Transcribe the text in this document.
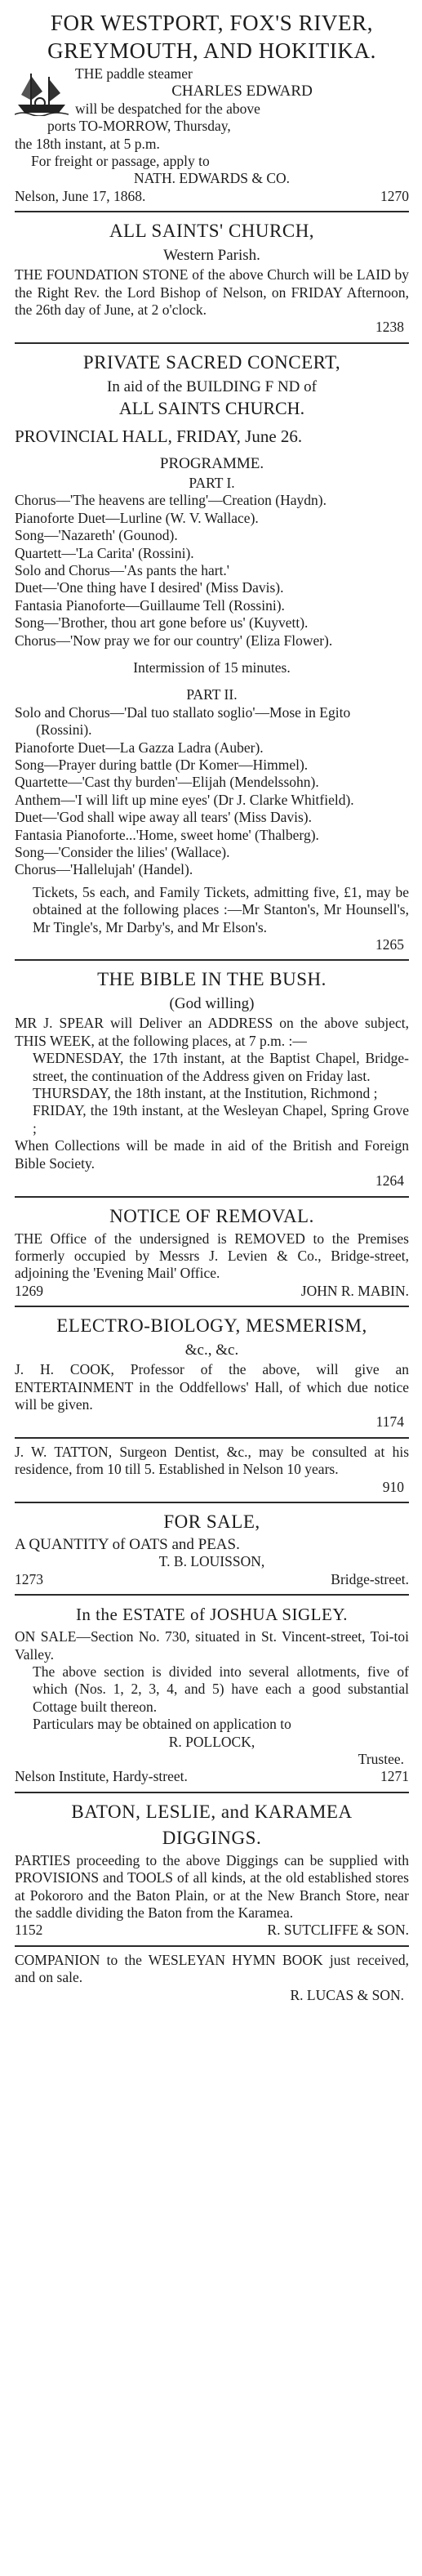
FOR WESTPORT, FOX'S RIVER,
GREYMOUTH, AND HOKITIKA.
THE paddle steamer
CHARLES EDWARD
will be despatched for the above
ports TO-MORROW, Thursday,
the 18th instant, at 5 p.m.
For freight or passage, apply to
NATH. EDWARDS & CO.
Nelson, June 17, 1868.	1270
ALL SAINTS' CHURCH,
Western Parish.
THE FOUNDATION STONE of the above Church will be LAID by the Right Rev. the Lord Bishop of Nelson, on FRIDAY Afternoon, the 26th day of June, at 2 o'clock.
1238
PRIVATE SACRED CONCERT,
In aid of the BUILDING F ND of
ALL SAINTS CHURCH.
PROVINCIAL HALL, FRIDAY, June 26.
PROGRAMME.
PART I.
Chorus—'The heavens are telling'—Creation (Haydn).
Pianoforte Duet—Lurline (W. V. Wallace).
Song—'Nazareth' (Gounod).
Quartett—'La Carita' (Rossini).
Solo and Chorus—'As pants the hart.'
Duet—'One thing have I desired' (Miss Davis).
Fantasia Pianoforte—Guillaume Tell (Rossini).
Song—'Brother, thou art gone before us' (Kuyvett).
Chorus—'Now pray we for our country' (Eliza Flower).
Intermission of 15 minutes.
PART II.
Solo and Chorus—'Dal tuo stallato soglio'—Mose in Egito (Rossini).
Pianoforte Duet—La Gazza Ladra (Auber).
Song—Prayer during battle (Dr Komer—Himmel).
Quartette—'Cast thy burden'—Elijah (Mendelssohn).
Anthem—'I will lift up mine eyes' (Dr J. Clarke Whitfield).
Duet—'God shall wipe away all tears' (Miss Davis).
Fantasia Pianoforte...'Home, sweet home' (Thalberg).
Song—'Consider the lilies' (Wallace).
Chorus—'Hallelujah' (Handel).
Tickets, 5s each, and Family Tickets, admitting five, £1, may be obtained at the following places :—Mr Stanton's, Mr Hounsell's, Mr Tingle's, Mr Darby's, and Mr Elson's.
1265
THE BIBLE IN THE BUSH.
(God willing)
MR J. SPEAR will Deliver an ADDRESS on the above subject, THIS WEEK, at the following places, at 7 p.m. :—
WEDNESDAY, the 17th instant, at the Baptist Chapel, Bridge-street, the continuation of the Address given on Friday last.
THURSDAY, the 18th instant, at the Institution, Richmond ;
FRIDAY, the 19th instant, at the Wesleyan Chapel, Spring Grove ;
When Collections will be made in aid of the British and Foreign Bible Society.
1264
NOTICE OF REMOVAL.
THE Office of the undersigned is REMOVED to the Premises formerly occupied by Messrs J. Levien & Co., Bridge-street, adjoining the 'Evening Mail' Office.
1269	JOHN R. MABIN.
ELECTRO-BIOLOGY, MESMERISM,
&c., &c.
J. H. COOK, Professor of the above, will give an ENTERTAINMENT in the Oddfellows' Hall, of which due notice will be given.
1174
J. W. TATTON, Surgeon Dentist, &c., may be consulted at his residence, from 10 till 5. Established in Nelson 10 years.
910
FOR SALE,
A QUANTITY of OATS and PEAS.
T. B. LOUISSON,
1273	Bridge-street.
In the ESTATE of JOSHUA SIGLEY.
ON SALE—Section No. 730, situated in St. Vincent-street, Toi-toi Valley.
The above section is divided into several allotments, five of which (Nos. 1, 2, 3, 4, and 5) have each a good substantial Cottage built thereon.
Particulars may be obtained on application to
R. POLLOCK,
Trustee.
Nelson Institute, Hardy-street.	1271
BATON, LESLIE, and KARAMEA
DIGGINGS.
PARTIES proceeding to the above Diggings can be supplied with PROVISIONS and TOOLS of all kinds, at the old established stores at Pokororo and the Baton Plain, or at the New Branch Store, near the saddle dividing the Baton from the Karamea.
1152	R. SUTCLIFFE & SON.
COMPANION to the WESLEYAN HYMN BOOK just received, and on sale.
R. LUCAS & SON.
